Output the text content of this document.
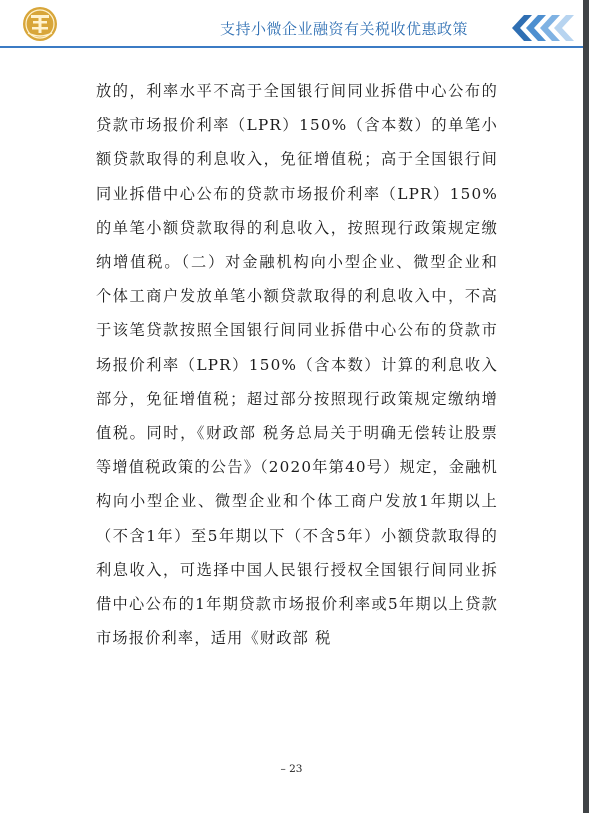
支持小微企业融资有关税收优惠政策

放的，利率水平不高于全国银行间同业拆借中心公布的贷款市场报价利率（LPR）150%（含本数）的单笔小额贷款取得的利息收入，免征增值税；高于全国银行间同业拆借中心公布的贷款市场报价利率（LPR）150%的单笔小额贷款取得的利息收入，按照现行政策规定缴纳增值税。（二）对金融机构向小型企业、微型企业和个体工商户发放单笔小额贷款取得的利息收入中，不高于该笔贷款按照全国银行间同业拆借中心公布的贷款市场报价利率（LPR）150%（含本数）计算的利息收入部分，免征增值税；超过部分按照现行政策规定缴纳增值税。同时，《财政部 税务总局关于明确无偿转让股票等增值税政策的公告》（2020年第40号）规定，金融机构向小型企业、微型企业和个体工商户发放1年期以上（不含1年）至5年期以下（不含5年）小额贷款取得的利息收入，可选择中国人民银行授权全国银行间同业拆借中心公布的1年期贷款市场报价利率或5年期以上贷款市场报价利率，适用《财政部 税

– 23
